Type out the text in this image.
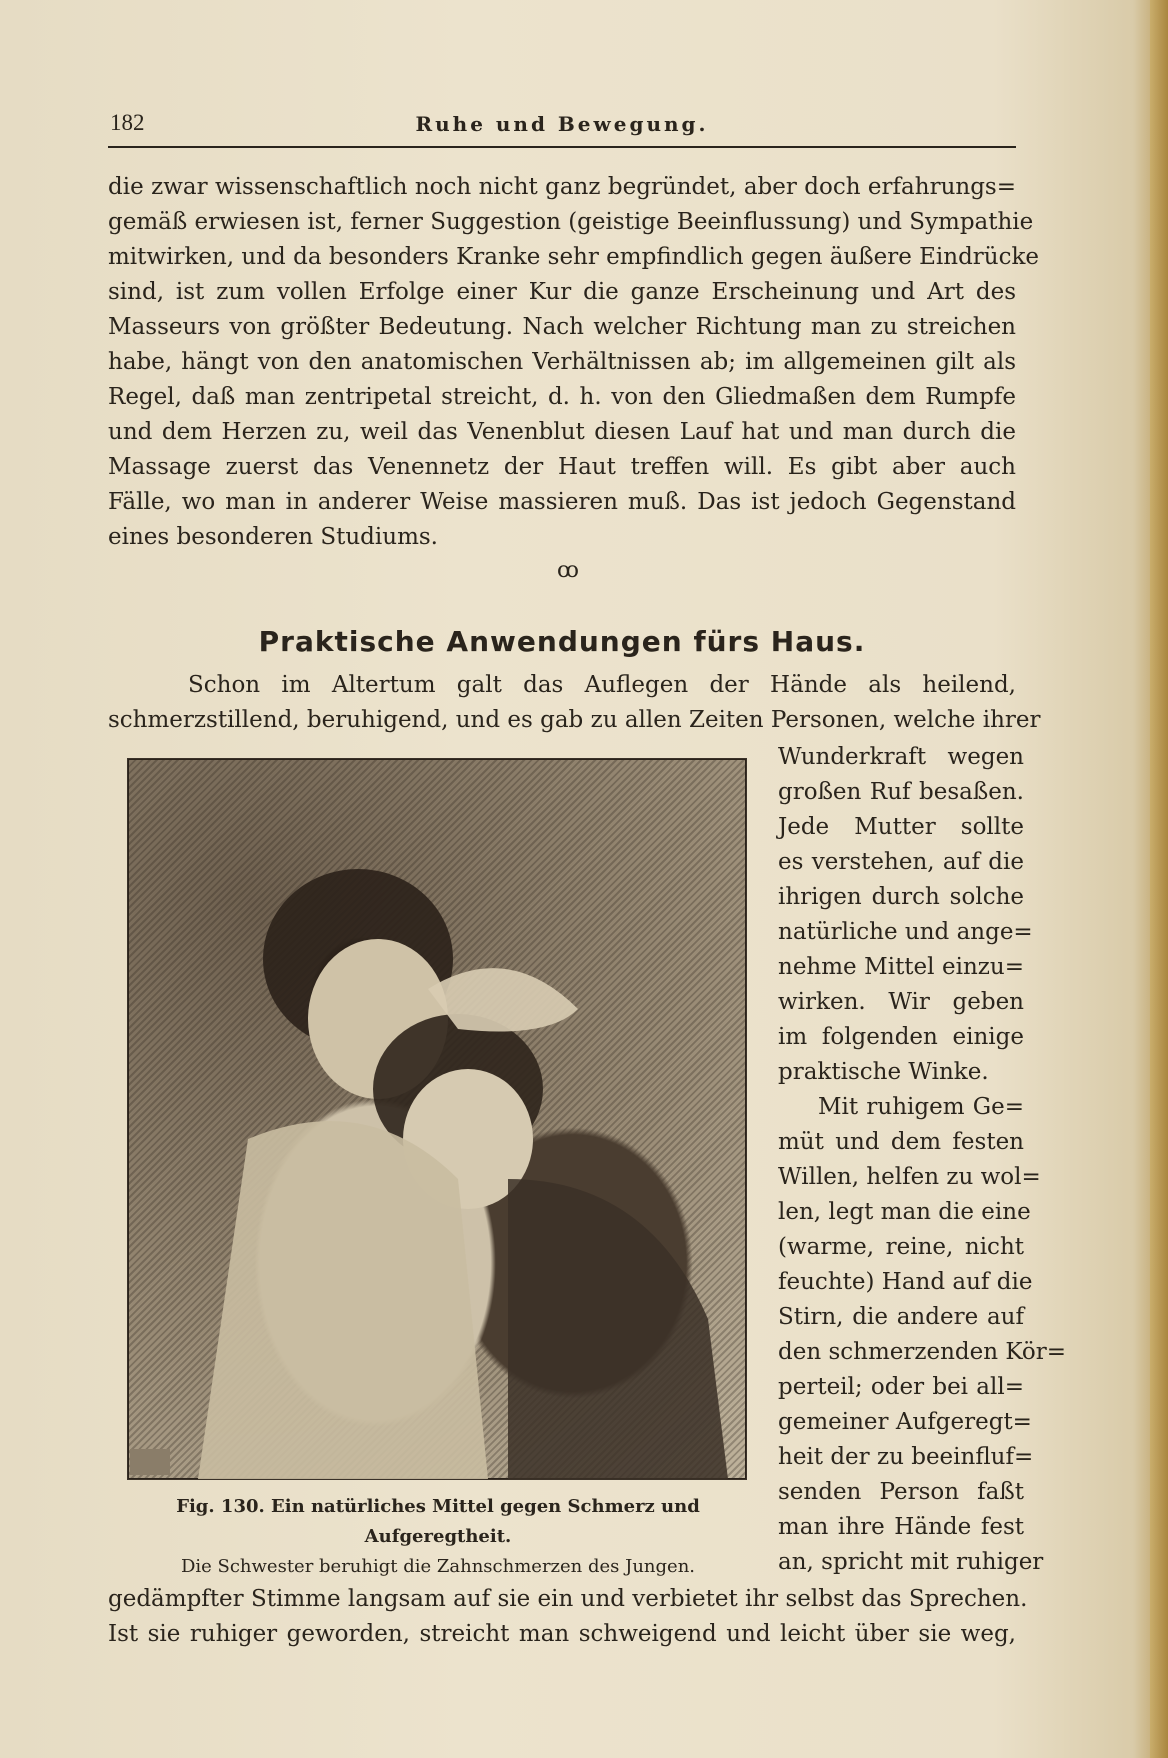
182	Ruhe und Bewegung.
die zwar wissenschaftlich noch nicht ganz begründet, aber doch erfahrungs=
gemäß erwiesen ist, ferner Suggestion (geistige Beeinflussung) und Sympathie
mitwirken, und da besonders Kranke sehr empfindlich gegen äußere Eindrücke
sind, ist zum vollen Erfolge einer Kur die ganze Erscheinung und Art des
Masseurs von größter Bedeutung. Nach welcher Richtung man zu streichen
habe, hängt von den anatomischen Verhältnissen ab; im allgemeinen gilt als
Regel, daß man zentripetal streicht, d. h. von den Gliedmaßen dem Rumpfe
und dem Herzen zu, weil das Venenblut diesen Lauf hat und man durch die
Massage zuerst das Venennetz der Haut treffen will. Es gibt aber auch
Fälle, wo man in anderer Weise massieren muß. Das ist jedoch Gegenstand
eines besonderen Studiums.
ꝏ
Praktische Anwendungen fürs Haus.
Schon im Altertum galt das Auflegen der Hände als heilend,
schmerzstillend, beruhigend, und es gab zu allen Zeiten Personen, welche ihrer
Fig. 130. Ein natürliches Mittel gegen Schmerz und Aufgeregtheit.
Die Schwester beruhigt die Zahnschmerzen des Jungen.
Wunderkraft wegen
großen Ruf besaßen.
Jede Mutter sollte
es verstehen, auf die
ihrigen durch solche
natürliche und ange=
nehme Mittel einzu=
wirken. Wir geben
im folgenden einige
praktische Winke.
Mit ruhigem Ge=
müt und dem festen
Willen, helfen zu wol=
len, legt man die eine
(warme, reine, nicht
feuchte) Hand auf die
Stirn, die andere auf
den schmerzenden Kör=
perteil; oder bei all=
gemeiner Aufgeregt=
heit der zu beeinfluf=
senden Person faßt
man ihre Hände fest
an, spricht mit ruhiger
gedämpfter Stimme langsam auf sie ein und verbietet ihr selbst das Sprechen.
Ist sie ruhiger geworden, streicht man schweigend und leicht über sie weg,
